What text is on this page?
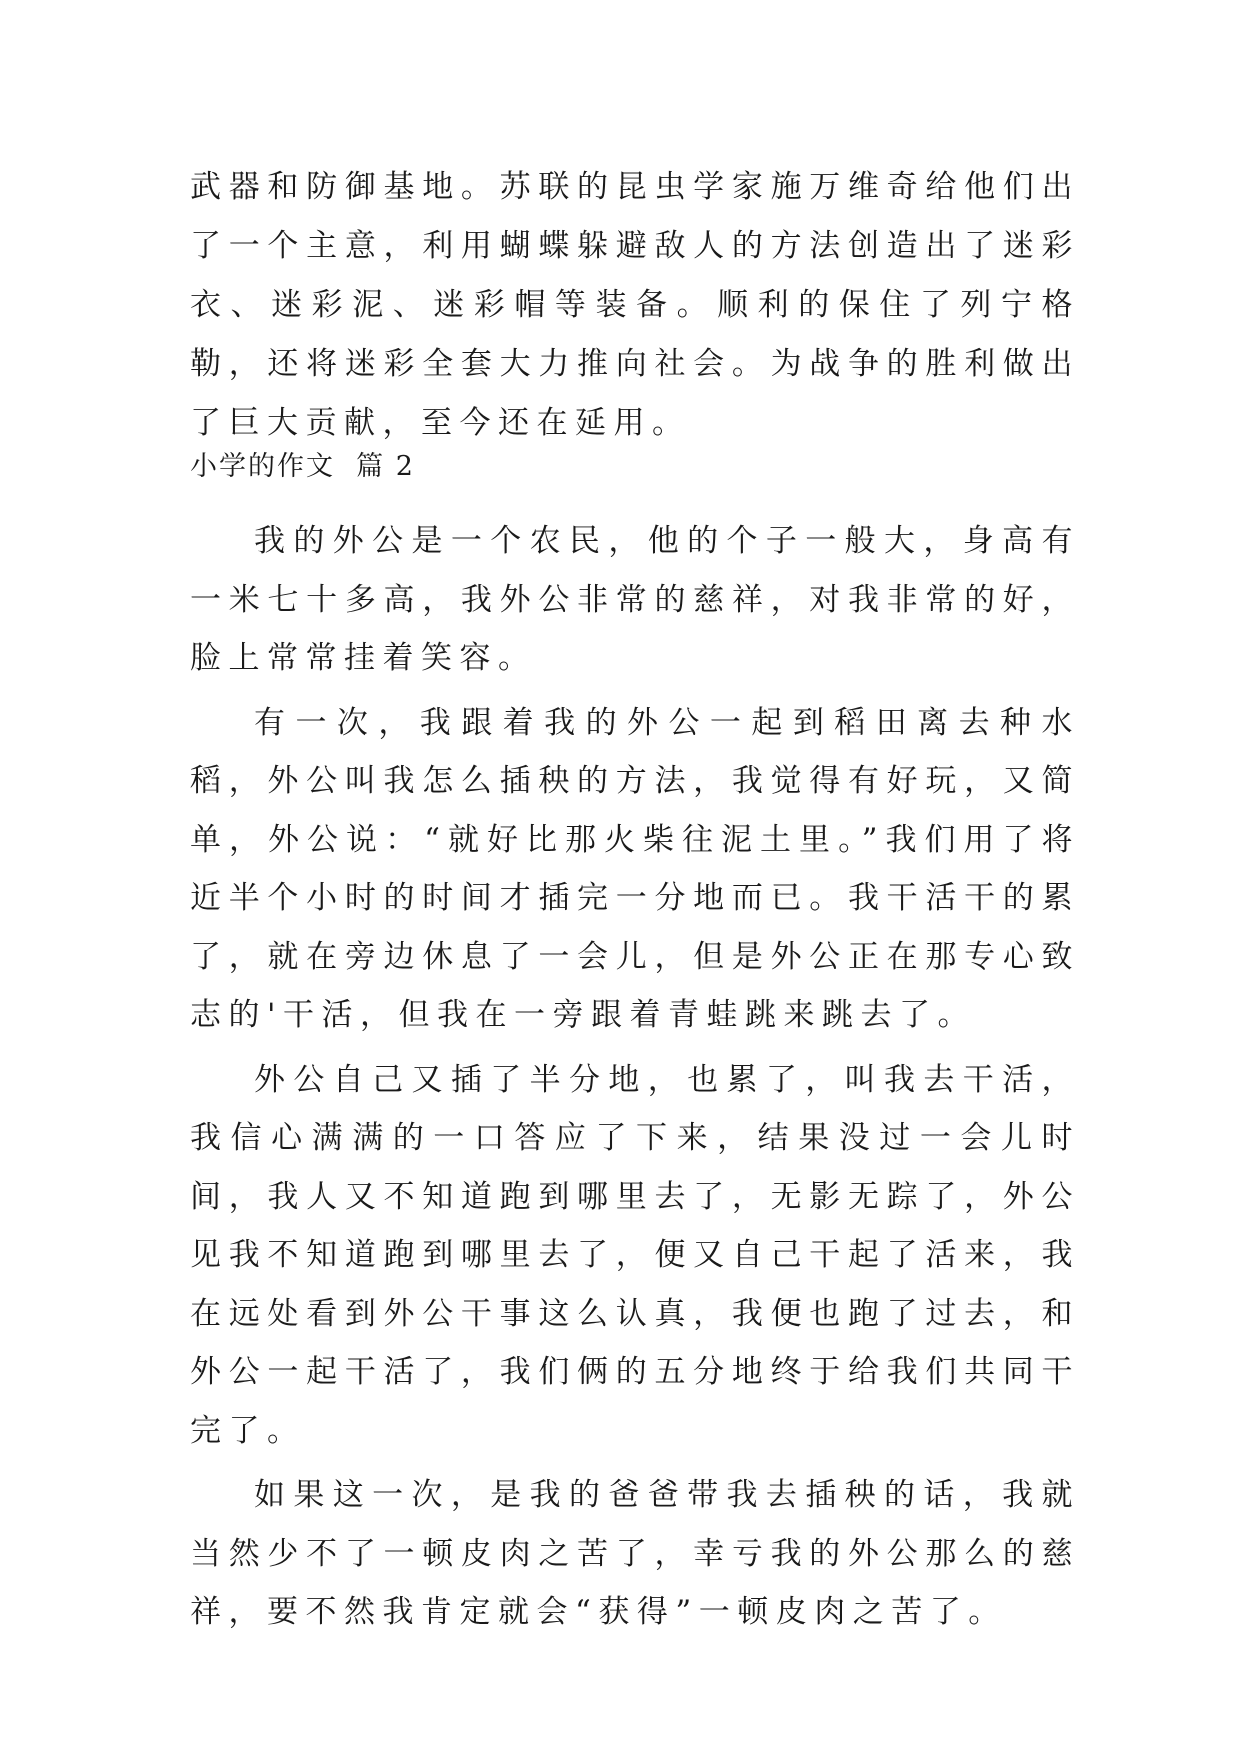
武器和防御基地。苏联的昆虫学家施万维奇给他们出了一个主意，利用蝴蝶躲避敌人的方法创造出了迷彩衣、迷彩泥、迷彩帽等装备。顺利的保住了列宁格勒，还将迷彩全套大力推向社会。为战争的胜利做出了巨大贡献，至今还在延用。
小学的作文  篇 2

我的外公是一个农民，他的个子一般大，身高有一米七十多高，我外公非常的慈祥，对我非常的好，脸上常常挂着笑容。

有一次，我跟着我的外公一起到稻田离去种水稻，外公叫我怎么插秧的方法，我觉得有好玩，又简单，外公说：“就好比那火柴往泥土里。”我们用了将近半个小时的时间才插完一分地而已。我干活干的累了，就在旁边休息了一会儿，但是外公正在那专心致志的'干活，但我在一旁跟着青蛙跳来跳去了。

外公自己又插了半分地，也累了，叫我去干活，我信心满满的一口答应了下来，结果没过一会儿时间，我人又不知道跑到哪里去了，无影无踪了，外公见我不知道跑到哪里去了，便又自己干起了活来，我在远处看到外公干事这么认真，我便也跑了过去，和外公一起干活了，我们俩的五分地终于给我们共同干完了。

如果这一次，是我的爸爸带我去插秧的话，我就当然少不了一顿皮肉之苦了，幸亏我的外公那么的慈祥，要不然我肯定就会“获得”一顿皮肉之苦了。
